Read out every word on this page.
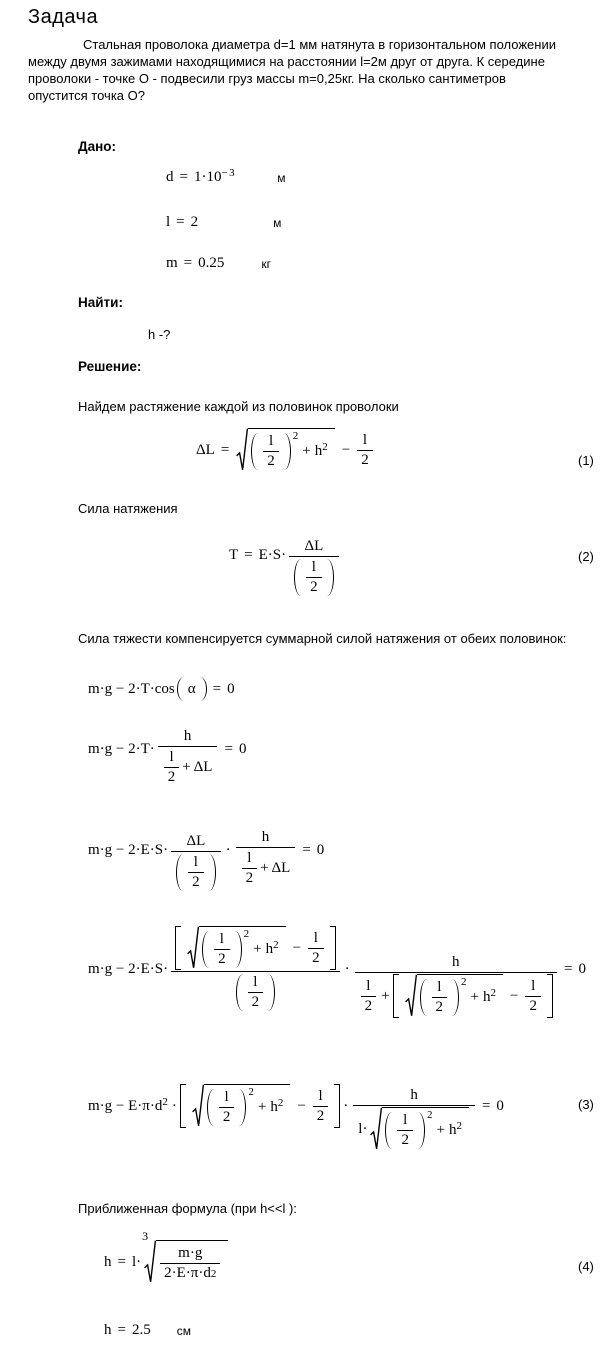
Задача
Стальная проволока диаметра d=1 мм натянута в горизонтальном положении
между двумя зажимами находящимися на расстоянии l=2м друг от друга. К середине
проволоки - точке О - подвесили груз массы m=0,25кг. На сколько сантиметров
опустится точка О?
Дано:
$d = 1\cdot 10^{-3}$	м
l = 2	м
m = 0.25	кг
Найти:
h -?
Решение:
Найдем растяжение каждой из половинок проволоки
$\Delta L = \frac{l}{2} 2$
+ $h^2 - \frac{l}{2}$	(1)
Сила натяжения
$T = E\cdot S\cdot \frac{\Delta L}{\frac{l}{2}}$	(2)
Сила тяжести компенсируется суммарной силой натяжения от обеих половинок:
m·g − 2·T·cos α = 0
$m\cdot g - 2\cdot T\cdot \frac{h}{\frac{l}{2} + \Delta L} = 0$
$m\cdot g - 2\cdot E\cdot S\cdot \frac{\Delta L}{\frac{l}{2}} \cdot \frac{h}{\frac{l}{2} + \Delta L} = 0$
m·g − 2·E·S·	$\frac{l}{2} 2$
+ $h^2 - \frac{l}{2}$
$\frac{l}{2}$
·	h
$\frac{l}{2}$ +	$\frac{l}{2} 2$
+ $h^2 - \frac{l}{2}$
= 0
$m\cdot g - E\cdot\pi\cdot d^2$ ·	$\frac{l}{2} 2$
+ $h^2 - \frac{l}{2}$ ·
h
$l\cdot \frac{l}{2} 2$
+ $h^2$
= 0	(3)
Приближенная формула (при h<<l ):
h = l·
3
$\frac{m\cdot g}{2\cdot E\cdot\pi\cdot d 2}$	(4)
h = 2.5 см
